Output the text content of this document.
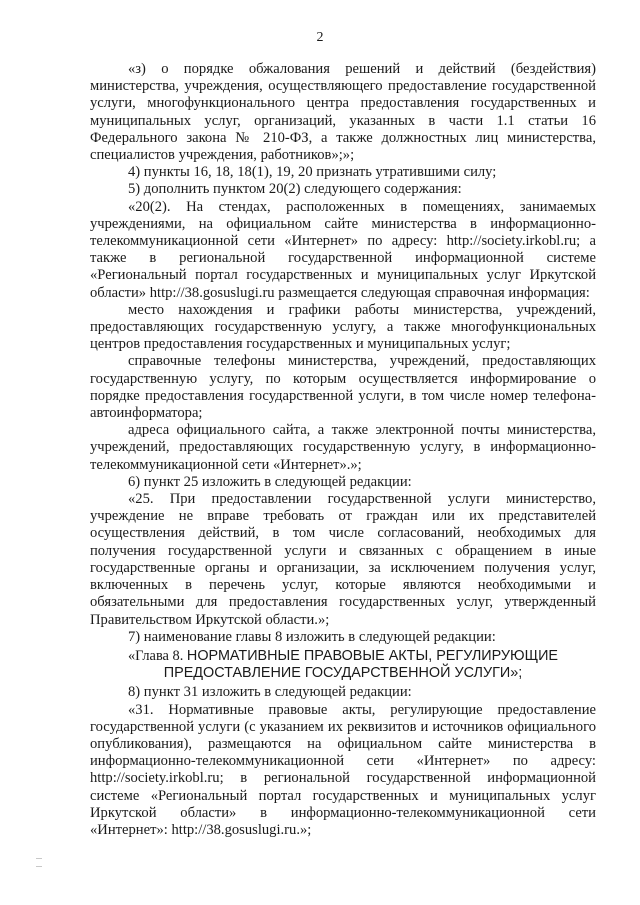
2

«з) о порядке обжалования решений и действий (бездействия) министерства, учреждения, осуществляющего предоставление государственной услуги, многофункционального центра предоставления государственных и муниципальных услуг, организаций, указанных в части 1.1 статьи 16 Федерального закона № 210-ФЗ, а также должностных лиц министерства, специалистов учреждения, работников»;»;

4) пункты 16, 18, 18(1), 19, 20 признать утратившими силу;

5) дополнить пунктом 20(2) следующего содержания:

«20(2). На стендах, расположенных в помещениях, занимаемых учреждениями, на официальном сайте министерства в информационно-телекоммуникационной сети «Интернет» по адресу: http://society.irkobl.ru; а также в региональной государственной информационной системе «Региональный портал государственных и муниципальных услуг Иркутской области» http://38.gosuslugi.ru размещается следующая справочная информация:

место нахождения и графики работы министерства, учреждений, предоставляющих государственную услугу, а также многофункциональных центров предоставления государственных и муниципальных услуг;

справочные телефоны министерства, учреждений, предоставляющих государственную услугу, по которым осуществляется информирование о порядке предоставления государственной услуги, в том числе номер телефона-автоинформатора;

адреса официального сайта, а также электронной почты министерства, учреждений, предоставляющих государственную услугу, в информационно-телекоммуникационной сети «Интернет».»;

6) пункт 25 изложить в следующей редакции:

«25. При предоставлении государственной услуги министерство, учреждение не вправе требовать от граждан или их представителей осуществления действий, в том числе согласований, необходимых для получения государственной услуги и связанных с обращением в иные государственные органы и организации, за исключением получения услуг, включенных в перечень услуг, которые являются необходимыми и обязательными для предоставления государственных услуг, утвержденный Правительством Иркутской области.»;

7) наименование главы 8 изложить в следующей редакции:

«Глава 8. НОРМАТИВНЫЕ ПРАВОВЫЕ АКТЫ, РЕГУЛИРУЮЩИЕ ПРЕДОСТАВЛЕНИЕ ГОСУДАРСТВЕННОЙ УСЛУГИ»;

8) пункт 31 изложить в следующей редакции:

«31. Нормативные правовые акты, регулирующие предоставление государственной услуги (с указанием их реквизитов и источников официального опубликования), размещаются на официальном сайте министерства в информационно-телекоммуникационной сети «Интернет» по адресу: http://society.irkobl.ru; в региональной государственной информационной системе «Региональный портал государственных и муниципальных услуг Иркутской области» в информационно-телекоммуникационной сети «Интернет»: http://38.gosuslugi.ru.»;
